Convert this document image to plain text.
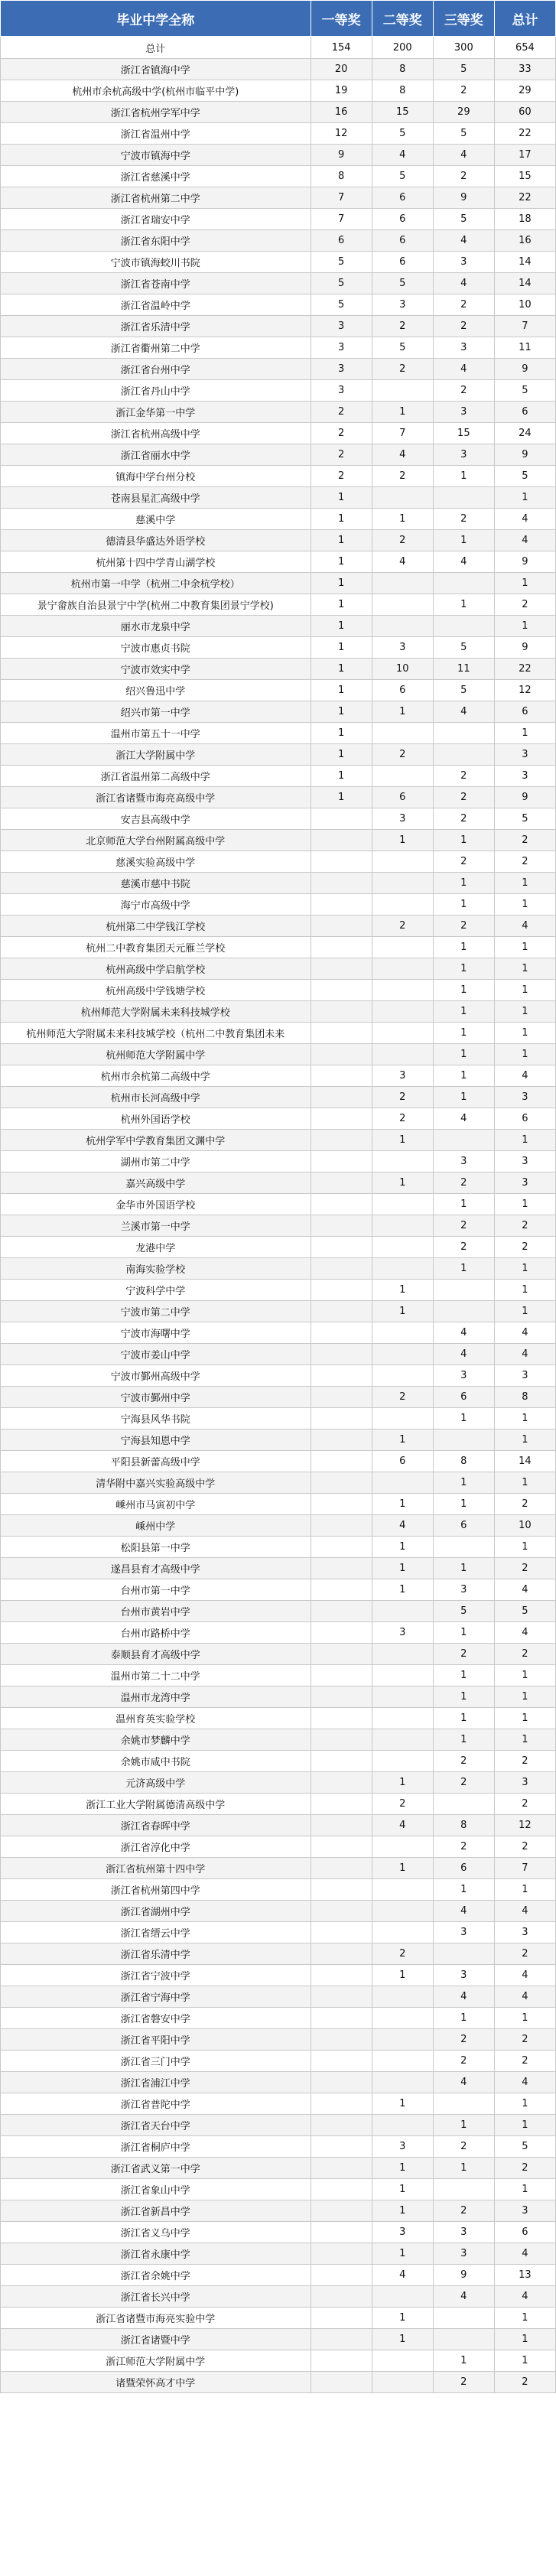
毕业中学全称	一等奖	二等奖	三等奖	总计
总计	154	200	300	654
浙江省镇海中学	20	8	5	33
杭州市余杭高级中学(杭州市临平中学)	19	8	2	29
浙江省杭州学军中学	16	15	29	60
浙江省温州中学	12	5	5	22
宁波市镇海中学	9	4	4	17
浙江省慈溪中学	8	5	2	15
浙江省杭州第二中学	7	6	9	22
浙江省瑞安中学	7	6	5	18
浙江省东阳中学	6	6	4	16
宁波市镇海蛟川书院	5	6	3	14
浙江省苍南中学	5	5	4	14
浙江省温岭中学	5	3	2	10
浙江省乐清中学	3	2	2	7
浙江省衢州第二中学	3	5	3	11
浙江省台州中学	3	2	4	9
浙江省丹山中学	3		2	5
浙江金华第一中学	2	1	3	6
浙江省杭州高级中学	2	7	15	24
浙江省丽水中学	2	4	3	9
镇海中学台州分校	2	2	1	5
苍南县星汇高级中学	1			1
慈溪中学	1	1	2	4
德清县华盛达外语学校	1	2	1	4
杭州第十四中学青山湖学校	1	4	4	9
杭州市第一中学（杭州二中余杭学校）	1			1
景宁畲族自治县景宁中学(杭州二中教育集团景宁学校)	1		1	2
丽水市龙泉中学	1			1
宁波市惠贞书院	1	3	5	9
宁波市效实中学	1	10	11	22
绍兴鲁迅中学	1	6	5	12
绍兴市第一中学	1	1	4	6
温州市第五十一中学	1			1
浙江大学附属中学	1	2		3
浙江省温州第二高级中学	1		2	3
浙江省诸暨市海亮高级中学	1	6	2	9
安吉县高级中学		3	2	5
北京师范大学台州附属高级中学		1	1	2
慈溪实验高级中学			2	2
慈溪市慈中书院			1	1
海宁市高级中学			1	1
杭州第二中学钱江学校		2	2	4
杭州二中教育集团天元雁兰学校			1	1
杭州高级中学启航学校			1	1
杭州高级中学钱塘学校			1	1
杭州师范大学附属未来科技城学校			1	1
杭州师范大学附属未来科技城学校（杭州二中教育集团未来			1	1
杭州师范大学附属中学			1	1
杭州市余杭第二高级中学		3	1	4
杭州市长河高级中学		2	1	3
杭州外国语学校		2	4	6
杭州学军中学教育集团文渊中学		1		1
湖州市第二中学			3	3
嘉兴高级中学		1	2	3
金华市外国语学校			1	1
兰溪市第一中学			2	2
龙港中学			2	2
南海实验学校			1	1
宁波科学中学		1		1
宁波市第二中学		1		1
宁波市海曙中学			4	4
宁波市姜山中学			4	4
宁波市鄞州高级中学			3	3
宁波市鄞州中学		2	6	8
宁海县风华书院			1	1
宁海县知恩中学		1		1
平阳县新蕾高级中学		6	8	14
清华附中嘉兴实验高级中学			1	1
嵊州市马寅初中学		1	1	2
嵊州中学		4	6	10
松阳县第一中学		1		1
遂昌县育才高级中学		1	1	2
台州市第一中学		1	3	4
台州市黄岩中学			5	5
台州市路桥中学		3	1	4
泰顺县育才高级中学			2	2
温州市第二十二中学			1	1
温州市龙湾中学			1	1
温州育英实验学校			1	1
余姚市梦麟中学			1	1
余姚市咸中书院			2	2
元济高级中学		1	2	3
浙江工业大学附属德清高级中学		2		2
浙江省春晖中学		4	8	12
浙江省淳化中学			2	2
浙江省杭州第十四中学		1	6	7
浙江省杭州第四中学			1	1
浙江省湖州中学			4	4
浙江省缙云中学			3	3
浙江省乐清中学		2		2
浙江省宁波中学		1	3	4
浙江省宁海中学			4	4
浙江省磐安中学			1	1
浙江省平阳中学			2	2
浙江省三门中学			2	2
浙江省浦江中学			4	4
浙江省普陀中学		1		1
浙江省天台中学			1	1
浙江省桐庐中学		3	2	5
浙江省武义第一中学		1	1	2
浙江省象山中学		1		1
浙江省新昌中学		1	2	3
浙江省义乌中学		3	3	6
浙江省永康中学		1	3	4
浙江省余姚中学		4	9	13
浙江省长兴中学			4	4
浙江省诸暨市海亮实验中学		1		1
浙江省诸暨中学		1		1
浙江师范大学附属中学			1	1
诸暨荣怀高才中学			2	2
